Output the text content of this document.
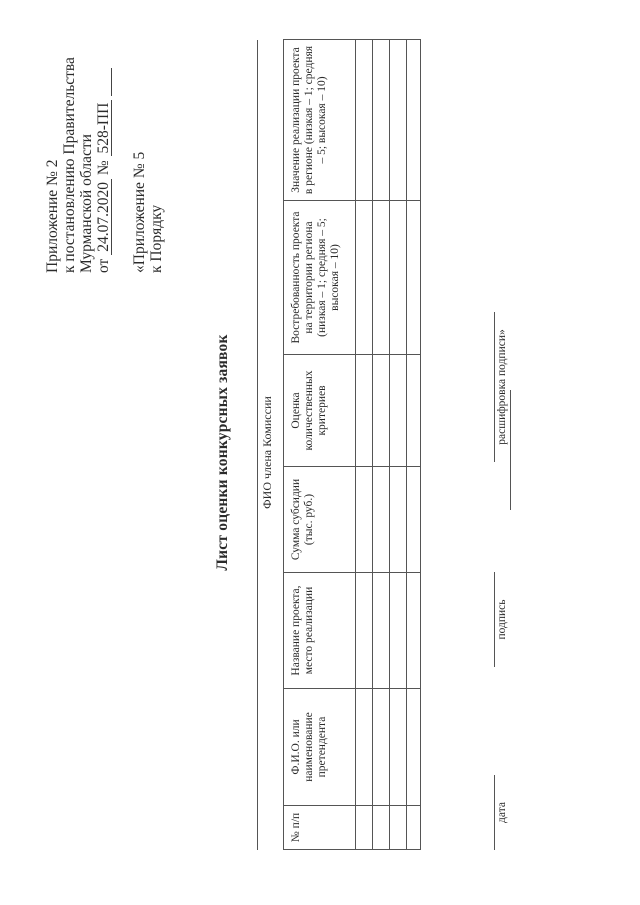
Приложение № 2 к постановлению Правительства Мурманской области от 24.07.2020 № 528-ПП
«Приложение № 5 к Порядку
Лист оценки конкурсных заявок ФИО члена Комиссии
№ п/п	Ф.И.О. или наименование претендента	Название проекта, место реализации	Сумма субсидии (тыс. руб.)	Оценка количественных критериев	Востребованность проекта на территории региона (низкая – 1; средняя – 5; высокая – 10)	Значение реализации проекта в регионе (низкая – 1; средняя – 5; высокая – 10)

дата
подпись
расшифровка подписи»
